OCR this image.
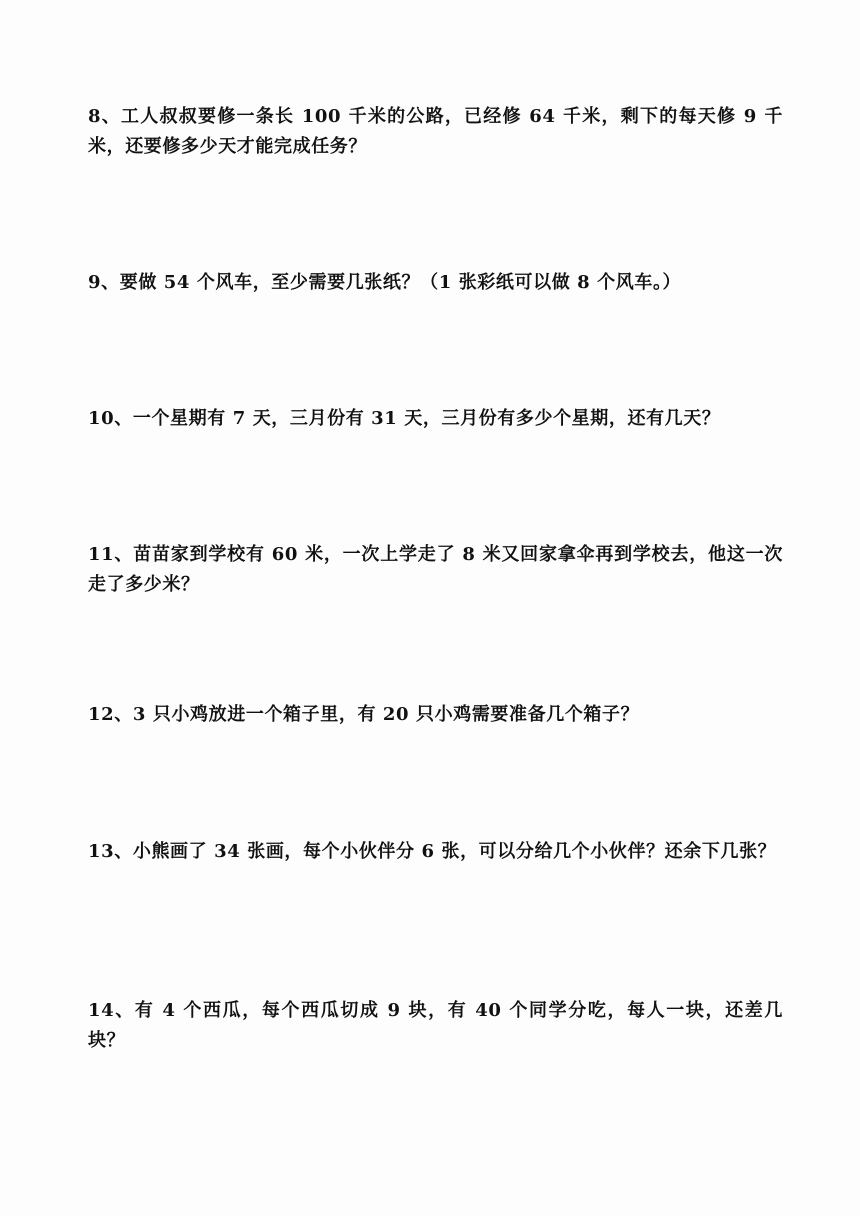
8、工人叔叔要修一条长 100 千米的公路，已经修 64 千米，剩下的每天修 9 千米，还要修多少天才能完成任务？
9、要做 54 个风车，至少需要几张纸？（1 张彩纸可以做 8 个风车。）
10、一个星期有 7 天，三月份有 31 天，三月份有多少个星期，还有几天？
11、苗苗家到学校有 60 米，一次上学走了 8 米又回家拿伞再到学校去，他这一次走了多少米？
12、3 只小鸡放进一个箱子里，有 20 只小鸡需要准备几个箱子？
13、小熊画了 34 张画，每个小伙伴分 6 张，可以分给几个小伙伴？还余下几张？
14、有 4 个西瓜，每个西瓜切成 9 块，有 40 个同学分吃，每人一块，还差几块？
